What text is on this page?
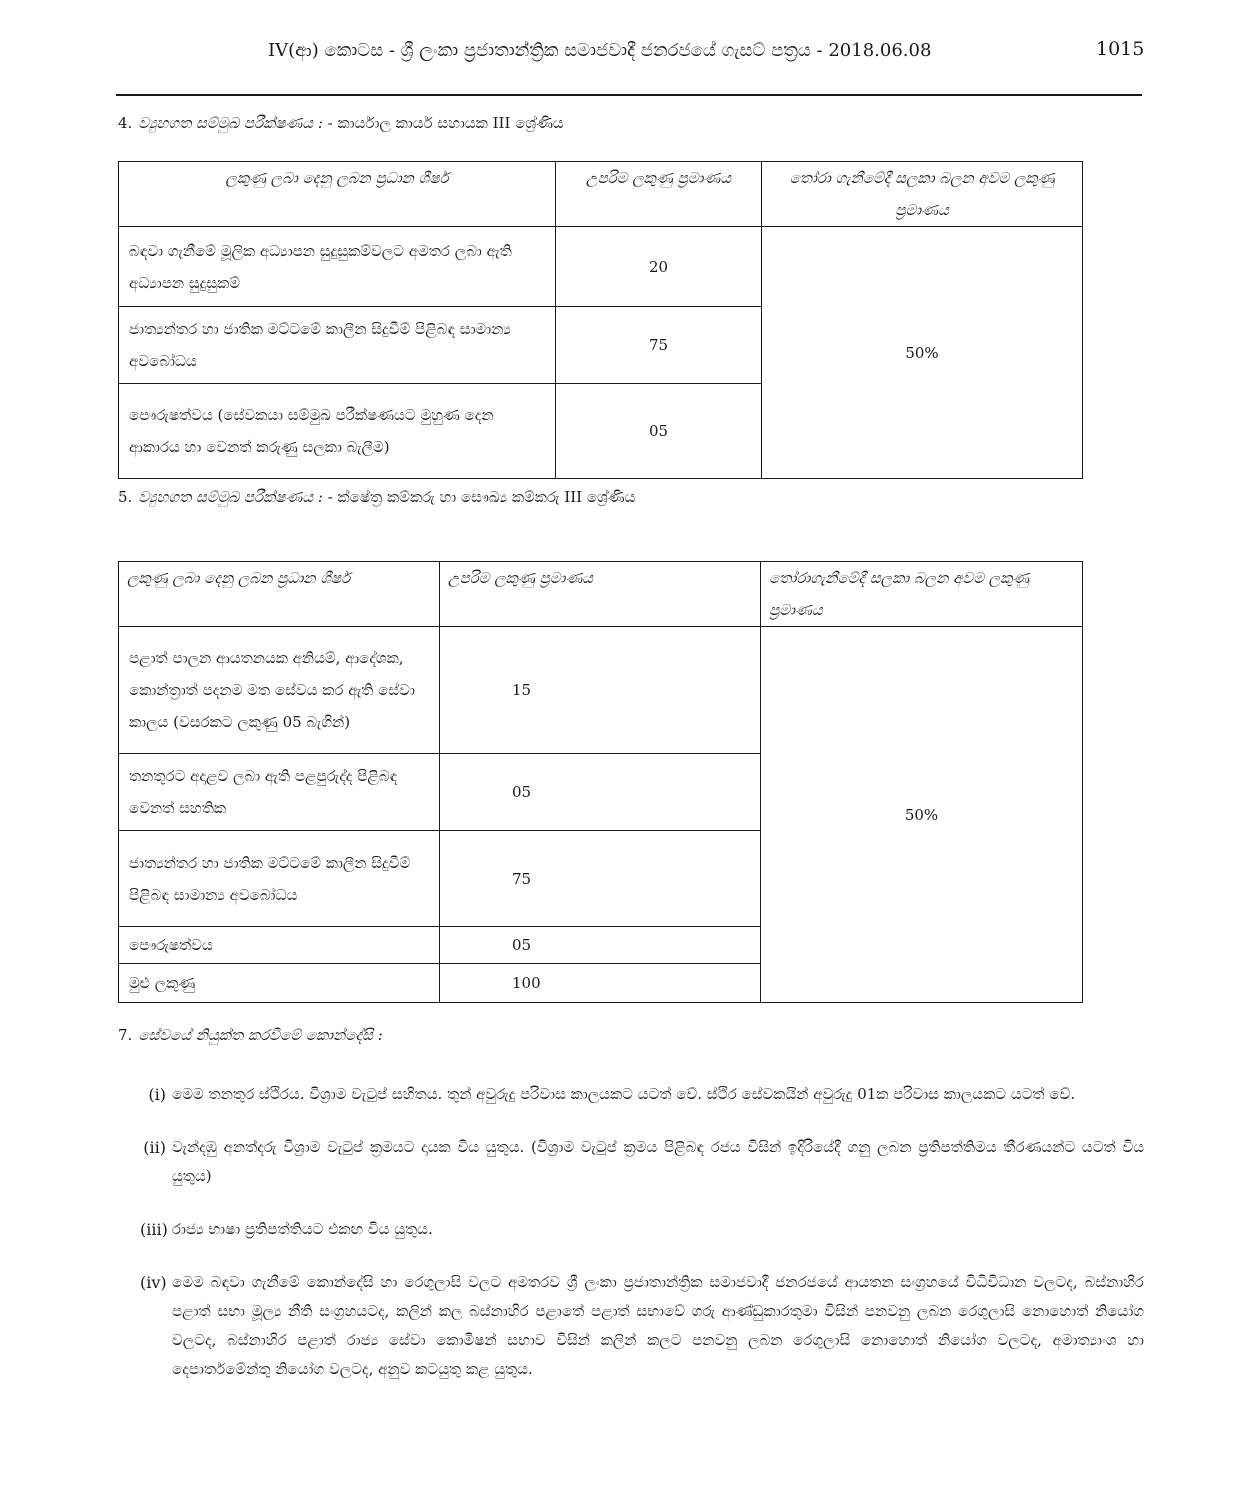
IV(ආ) කොටස - ශ්‍රී ලංකා ප්‍රජාතාන්ත්‍රික සමාජවාදී ජනරජයේ ගැසට් පත්‍රය - 2018.06.08	1015
4. ව්‍යුහගත සම්මුඛ පරීක්ෂණය : - කාර්යාල කාර්ය සහායක III ශ්‍රේණිය
ලකුණු ලබා දෙනු ලබන ප්‍රධාන ශීර්ෂ	උපරිම ලකුණු ප්‍රමාණය	තෝරා ගැනීමේදී සලකා බලන අවම ලකුණු ප්‍රමාණය
බඳවා ගැනීමේ මූලික අධ්‍යාපන සුදුසුකම්වලට අමතර ලබා ඇති අධ්‍යාපන සුදුසුකම්	20	50%
ජාත්‍යන්තර හා ජාතික මට්ටමේ කාලීන සිදුවීම් පිළිබඳ සාමාන්‍ය අවබෝධය	75	
පෞරුෂත්වය (සේවකයා සම්මුඛ පරීක්ෂණයට මුහුණ දෙන ආකාරය හා වෙනත් කරුණු සලකා බැලීම)	05	
5. ව්‍යුහගත සම්මුඛ පරීක්ෂණය : - ක්ෂේත්‍ර කම්කරු හා සෞඛ්‍ය කම්කරු III ශ්‍රේණිය
ලකුණු ලබා දෙනු ලබන ප්‍රධාන ශීර්ෂ	උපරිම ලකුණු ප්‍රමාණය	තෝරාගැනීමේදී සලකා බලන අවම ලකුණු ප්‍රමාණය
පළාත් පාලන ආයතනයක අනියම්, ආදේශක, කොන්ත්‍රාත් පදනම මත සේවය කර ඇති සේවා කාලය (වසරකට ලකුණු 05 බැගින්)	15	50%
තනතුරට අදාළව ලබා ඇති පළපුරුද්ද පිළිබඳ වෙනත් සහතික	05	
ජාත්‍යන්තර හා ජාතික මට්ටමේ කාලීන සිදුවීම් පිළිබඳ සාමාන්‍ය අවබෝධය	75	
පෞරුෂත්වය	05	
මුළු ලකුණු	100	
7. සේවයේ නියුක්ත කරවීමේ කොන්දේසි :
(i) මෙම තනතුර ස්ථිරය. විශ්‍රාම වැටුප් සහිතය. තුන් අවුරුදු පරිවාස කාලයකට යටත් වේ. ස්ථිර සේවකයින් අවුරුදු 01ක පරිවාස කාලයකට යටත් වේ.
(ii) වැන්දඹු අනත්දරු විශ්‍රාම වැටුප් ක්‍රමයට දායක විය යුතුය. (විශ්‍රාම වැටුප් ක්‍රමය පිළිබඳ රජය විසින් ඉදිරියේදී ගනු ලබන ප්‍රතිපත්තිමය තීරණයන්ට යටත් විය යුතුය)
(iii) රාජ්‍ය භාෂා ප්‍රතිපත්තියට එකඟ විය යුතුය.
(iv) මෙම බඳවා ගැනීමේ කොන්දේසි හා රෙගුලාසි වලට අමතරව ශ්‍රී ලංකා ප්‍රජාතාන්ත්‍රික සමාජවාදී ජනරජයේ ආයතන සංග්‍රහයේ විධිවිධාන වලටද, බස්නාහිර පළාත් සභා මූල්‍ය නීති සංග්‍රහයටද, කලින් කල බස්නාහිර පළාතේ පළාත් සභාවේ ගරු ආණ්ඩුකාරතුමා විසින් පනවනු ලබන රෙගුලාසි නොහොත් නියෝග වලටද, බස්නාහිර පළාත් රාජ්‍ය සේවා කොමිෂන් සභාව විසින් කලින් කලට පනවනු ලබන රෙගුලාසි නොහොත් නියෝග වලටද, අමාත්‍යාංශ හා දෙපාර්තමේන්තු නියෝග වලටද, අනුව කටයුතු කළ යුතුය.
